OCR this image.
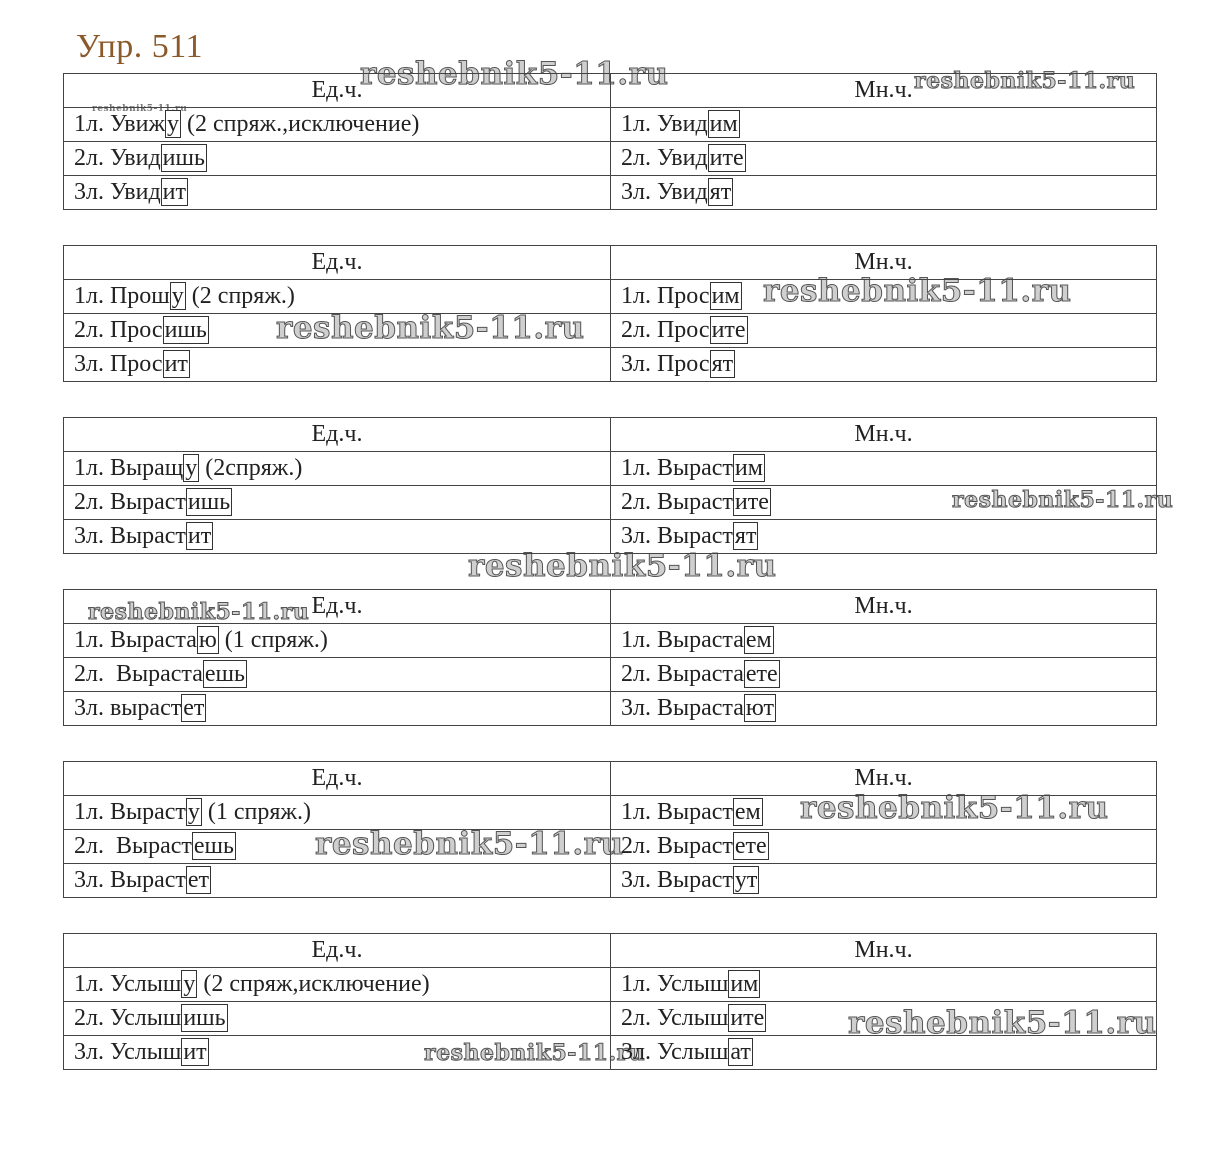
Упр. 511
reshebnik5-11.ru	reshebnik5-11.ru
reshebnik5-11.ru
reshebnik5-11.ru
reshebnik5-11.ru
reshebnik5-11.ru
reshebnik5-11.ru
reshebnik5-11.ru
reshebnik5-11.ru
reshebnik5-11.ru
reshebnik5-11.ru
reshebnik5-11.ru
Ед.ч.	Мн.ч.
1л. Увижу (2 спряж.,исключение)	1л. Увидим
2л. Увидишь	2л. Увидите
3л. Увидит	3л. Увидят
Ед.ч.	Мн.ч.
1л. Прошу (2 спряж.)	1л. Просим
2л. Просишь	2л. Просите
3л. Просит	3л. Просят
Ед.ч.	Мн.ч.
1л. Выращу (2спряж.)	1л. Вырастим
2л. Вырастишь	2л. Вырастите
3л. Вырастит	3л. Вырастят
Ед.ч.	Мн.ч.
1л. Вырастаю (1 спряж.)	1л. Вырастаем
2л.  Вырастаешь	2л. Вырастаете
3л. вырастет	3л. Вырастают
Ед.ч.	Мн.ч.
1л. Вырасту (1 спряж.)	1л. Вырастем
2л.  Вырастешь	2л. Вырастете
3л. Вырастет	3л. Вырастут
Ед.ч.	Мн.ч.
1л. Услышу (2 спряж,исключение)	1л. Услышим
2л. Услышишь	2л. Услышите
3л. Услышит	3л. Услышат
